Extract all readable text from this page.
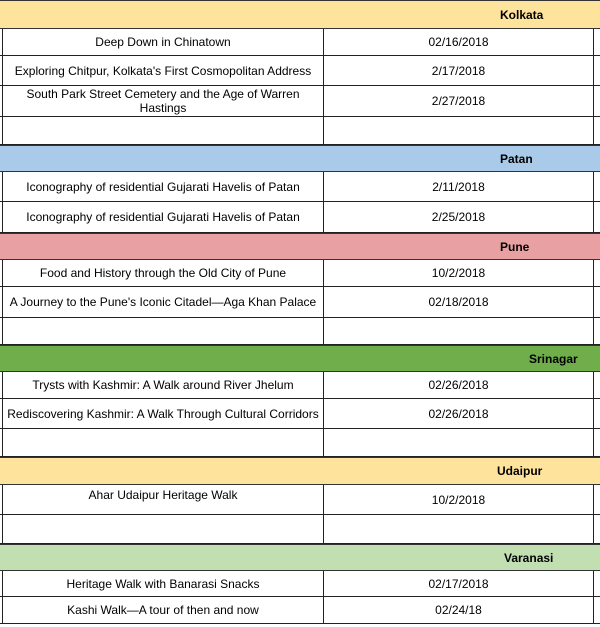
Kolkata
Deep Down in Chinatown	02/16/2018
Exploring Chitpur, Kolkata's First Cosmopolitan Address	2/17/2018
South Park Street Cemetery and the Age of Warren Hastings	2/27/2018
Patan
Iconography of residential Gujarati Havelis of Patan	2/11/2018
Iconography of residential Gujarati Havelis of Patan	2/25/2018
Pune
Food and History through the Old City of Pune	10/2/2018
A Journey to the Pune's Iconic Citadel—Aga Khan Palace	02/18/2018
Srinagar
Trysts with Kashmir: A Walk around River Jhelum	02/26/2018
Rediscovering Kashmir: A Walk Through Cultural Corridors	02/26/2018
Udaipur
Ahar Udaipur Heritage Walk	10/2/2018
Varanasi
Heritage Walk with Banarasi Snacks	02/17/2018
Kashi Walk—A tour of then and now	02/24/18
